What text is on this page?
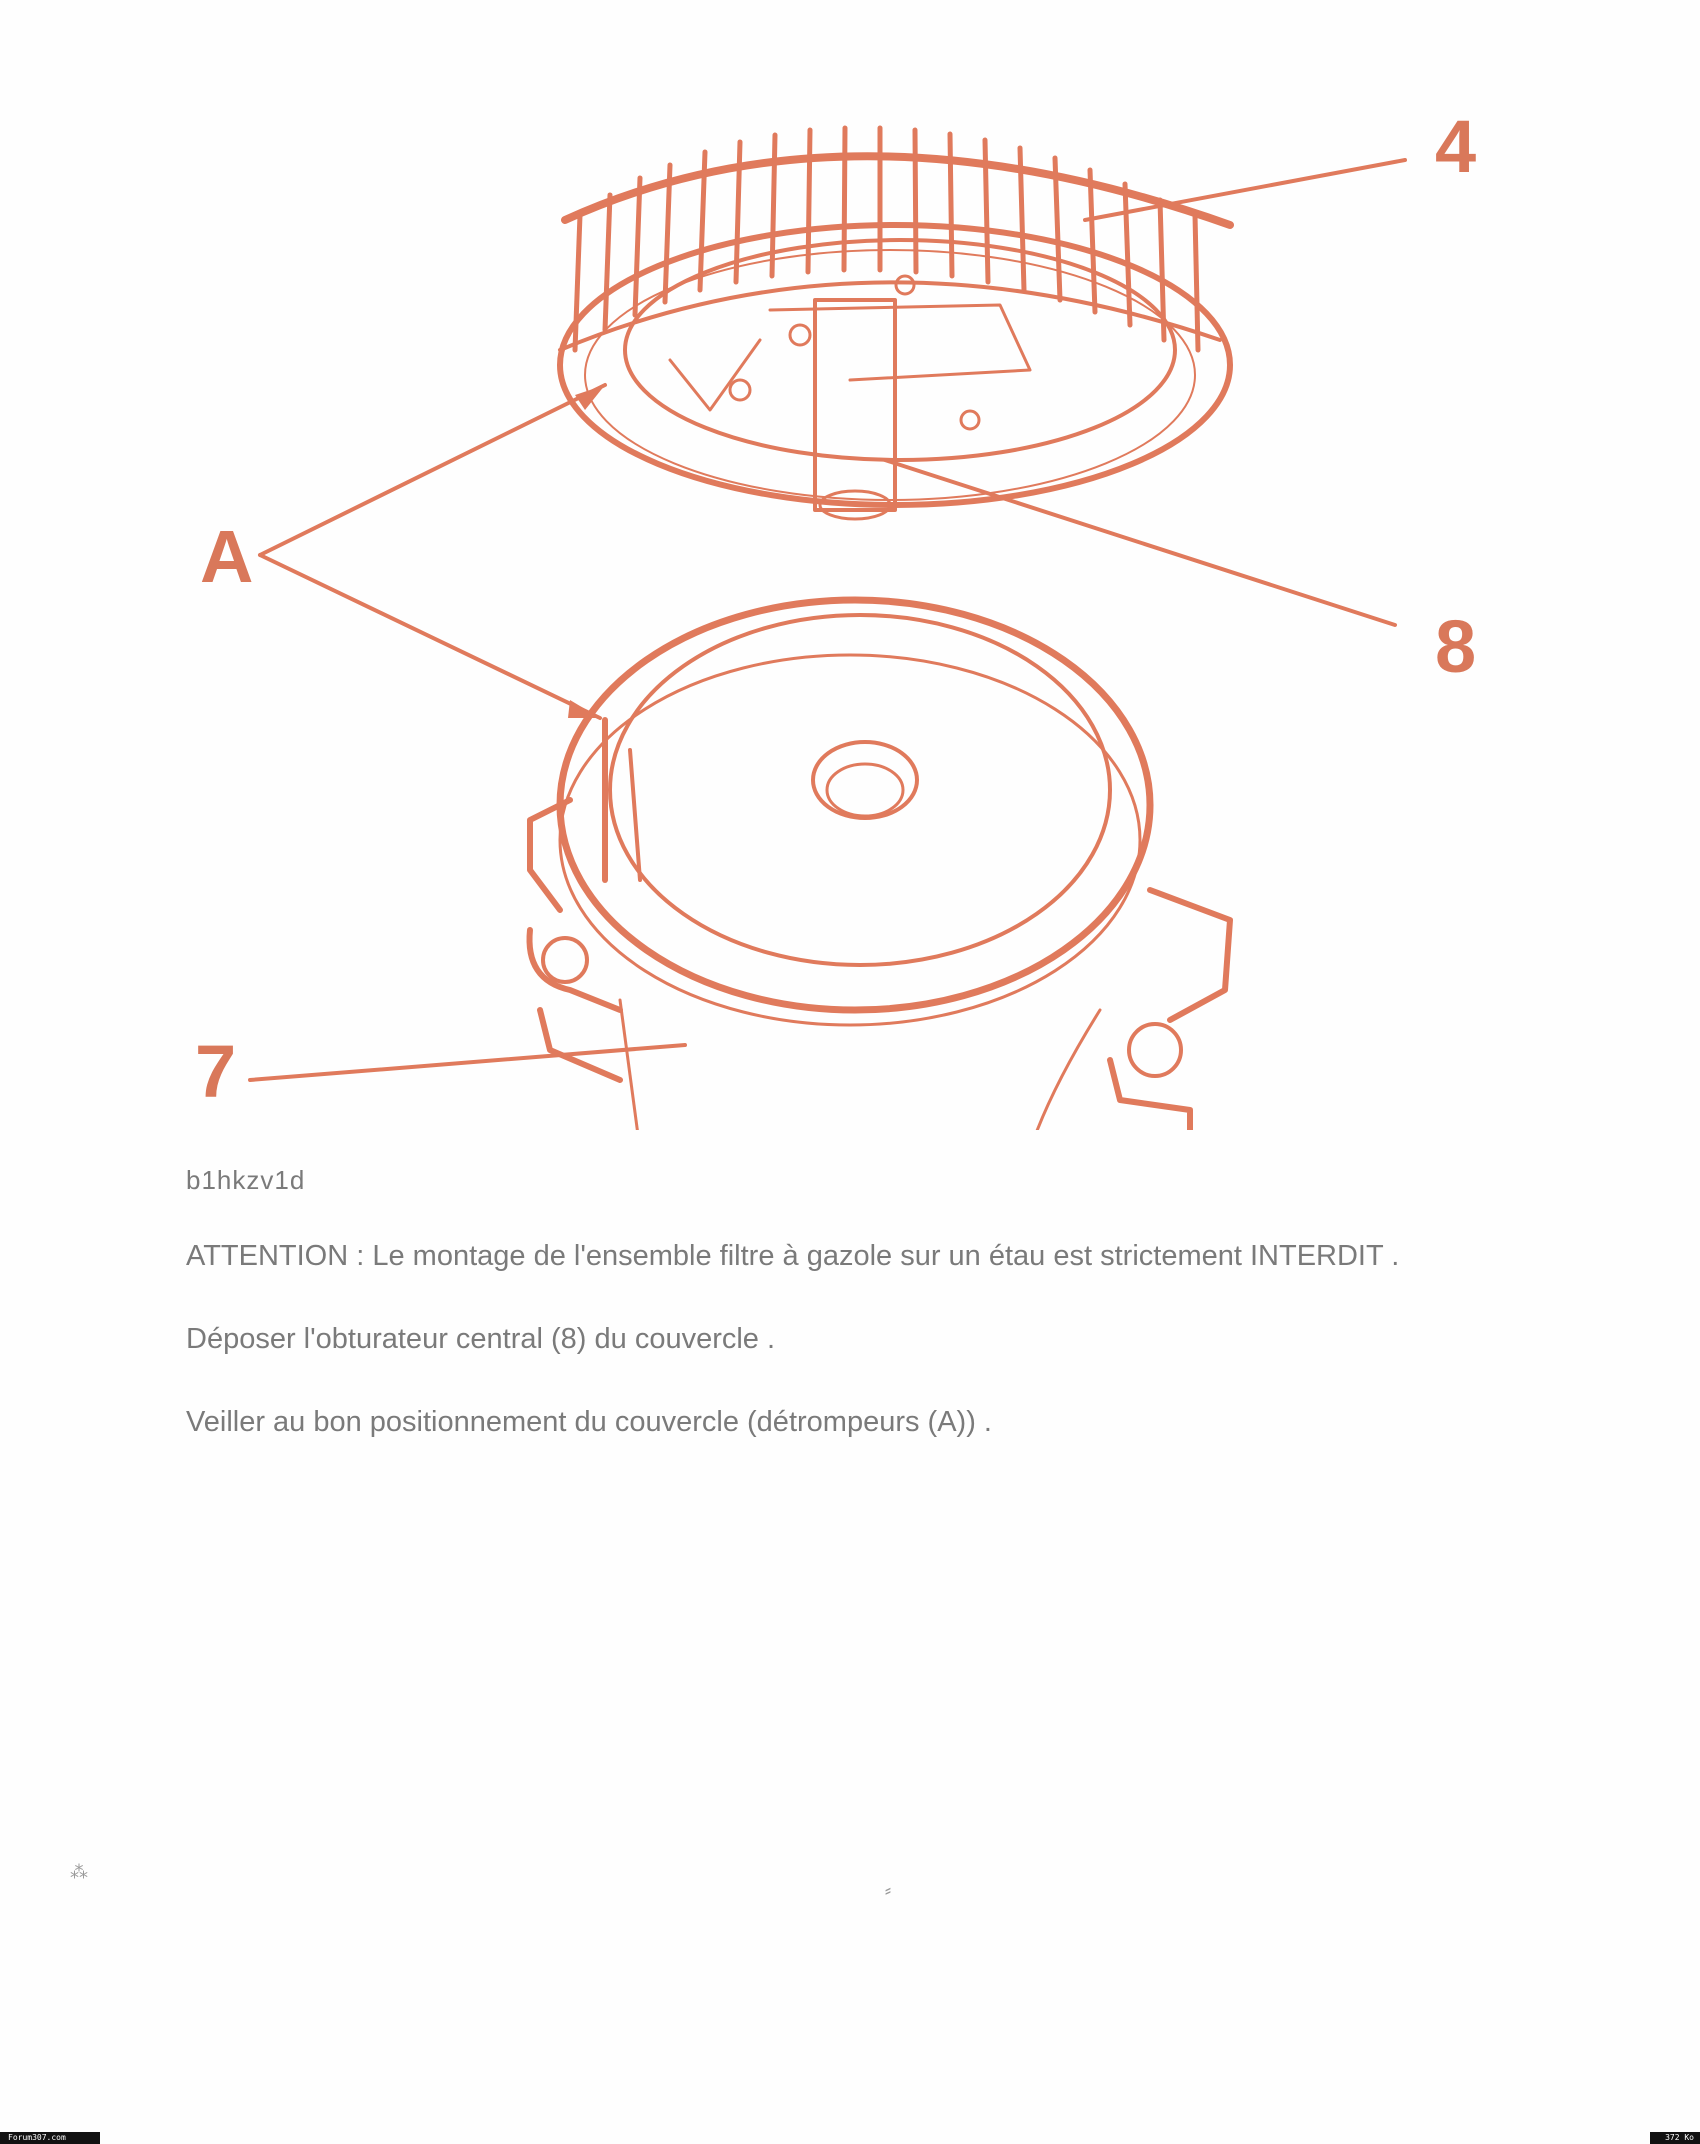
4
A
8
7

b1hkzv1d

ATTENTION : Le montage de l'ensemble filtre à gazole sur un étau est strictement INTERDIT .

Déposer l'obturateur central (8) du couvercle .

Veiller au bon positionnement du couvercle (détrompeurs (A)) .

⁂
⸗
Forum307.com	372 Ko
